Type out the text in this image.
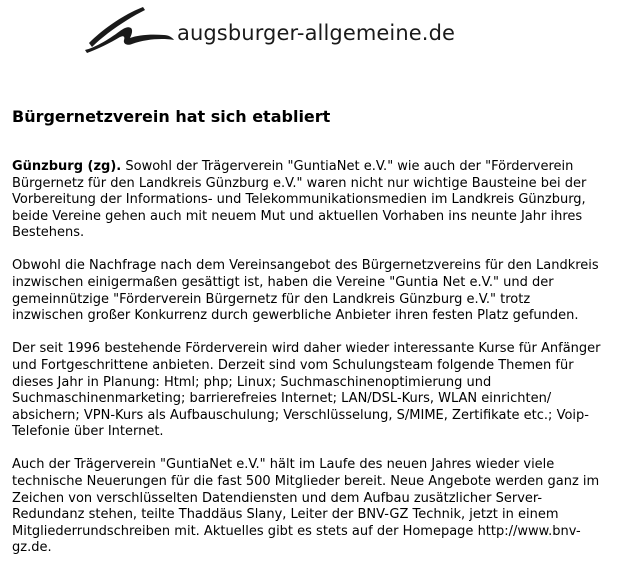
augsburger-allgemeine.de
Bürgernetzverein hat sich etabliert

Günzburg (zg). Sowohl der Trägerverein "GuntiaNet e.V." wie auch der "Förderverein
Bürgernetz für den Landkreis Günzburg e.V." waren nicht nur wichtige Bausteine bei der
Vorbereitung der Informations- und Telekommunikationsmedien im Landkreis Günzburg,
beide Vereine gehen auch mit neuem Mut und aktuellen Vorhaben ins neunte Jahr ihres
Bestehens.

Obwohl die Nachfrage nach dem Vereinsangebot des Bürgernetzvereins für den Landkreis
inzwischen einigermaßen gesättigt ist, haben die Vereine "Guntia Net e.V." und der
gemeinnützige "Förderverein Bürgernetz für den Landkreis Günzburg e.V." trotz
inzwischen großer Konkurrenz durch gewerbliche Anbieter ihren festen Platz gefunden.

Der seit 1996 bestehende Förderverein wird daher wieder interessante Kurse für Anfänger
und Fortgeschrittene anbieten. Derzeit sind vom Schulungsteam folgende Themen für
dieses Jahr in Planung: Html; php; Linux; Suchmaschinenoptimierung und
Suchmaschinenmarketing; barrierefreies Internet; LAN/DSL-Kurs, WLAN einrichten/
absichern; VPN-Kurs als Aufbauschulung; Verschlüsselung, S/MIME, Zertifikate etc.; Voip-
Telefonie über Internet.

Auch der Trägerverein "GuntiaNet e.V." hält im Laufe des neuen Jahres wieder viele
technische Neuerungen für die fast 500 Mitglieder bereit. Neue Angebote werden ganz im
Zeichen von verschlüsselten Datendiensten und dem Aufbau zusätzlicher Server-
Redundanz stehen, teilte Thaddäus Slany, Leiter der BNV-GZ Technik, jetzt in einem
Mitgliederrundschreiben mit. Aktuelles gibt es stets auf der Homepage http://www.bnv-
gz.de.
